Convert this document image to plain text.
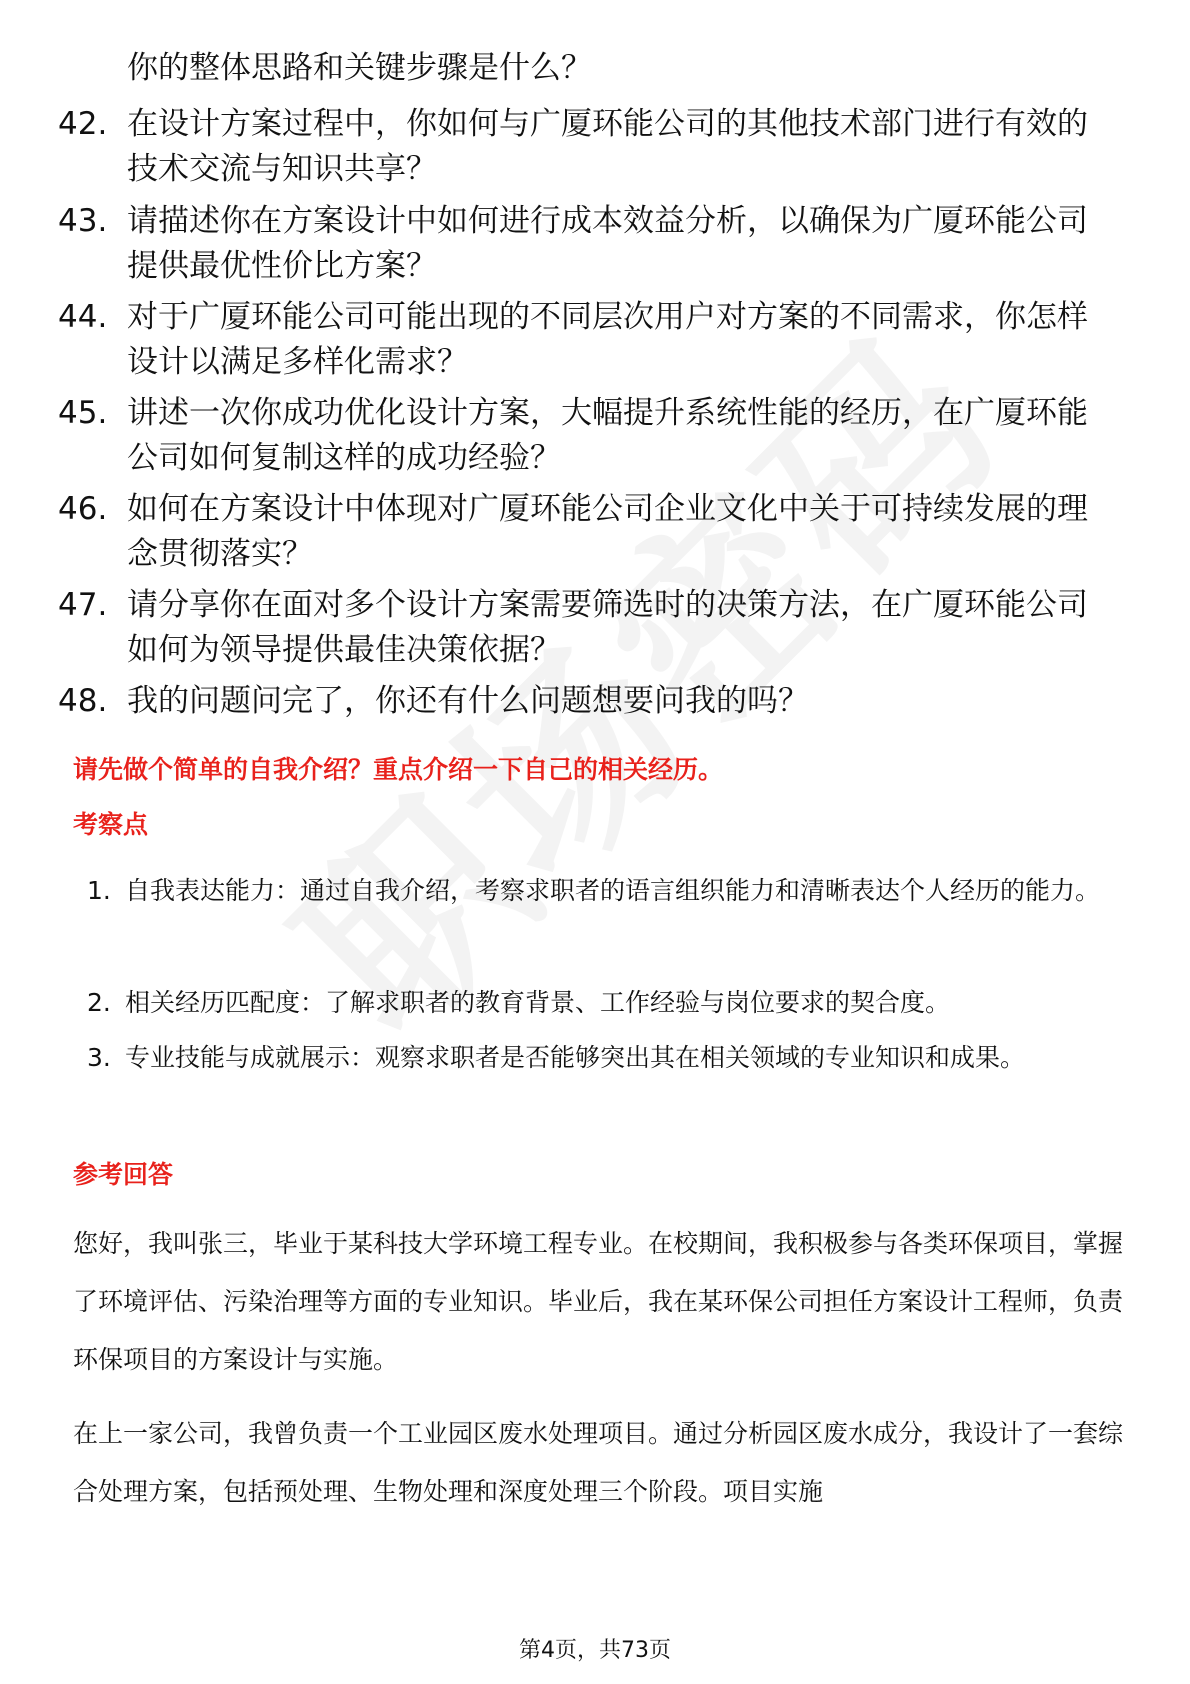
你的整体思路和关键步骤是什么？
42. 在设计方案过程中，你如何与广厦环能公司的其他技术部门进行有效的技术交流与知识共享？
43. 请描述你在方案设计中如何进行成本效益分析，以确保为广厦环能公司提供最优性价比方案？
44. 对于广厦环能公司可能出现的不同层次用户对方案的不同需求，你怎样设计以满足多样化需求？
45. 讲述一次你成功优化设计方案，大幅提升系统性能的经历，在广厦环能公司如何复制这样的成功经验？
46. 如何在方案设计中体现对广厦环能公司企业文化中关于可持续发展的理念贯彻落实？
47. 请分享你在面对多个设计方案需要筛选时的决策方法，在广厦环能公司如何为领导提供最佳决策依据？
48. 我的问题问完了，你还有什么问题想要问我的吗？
请先做个简单的自我介绍？重点介绍一下自己的相关经历。
考察点
1. 自我表达能力：通过自我介绍，考察求职者的语言组织能力和清晰表达个人经历的能力。
2. 相关经历匹配度：了解求职者的教育背景、工作经验与岗位要求的契合度。
3. 专业技能与成就展示：观察求职者是否能够突出其在相关领域的专业知识和成果。
参考回答
您好，我叫张三，毕业于某科技大学环境工程专业。在校期间，我积极参与各类环保项目，掌握了环境评估、污染治理等方面的专业知识。毕业后，我在某环保公司担任方案设计工程师，负责环保项目的方案设计与实施。
在上一家公司，我曾负责一个工业园区废水处理项目。通过分析园区废水成分，我设计了一套综合处理方案，包括预处理、生物处理和深度处理三个阶段。项目实施
第4页，共73页
